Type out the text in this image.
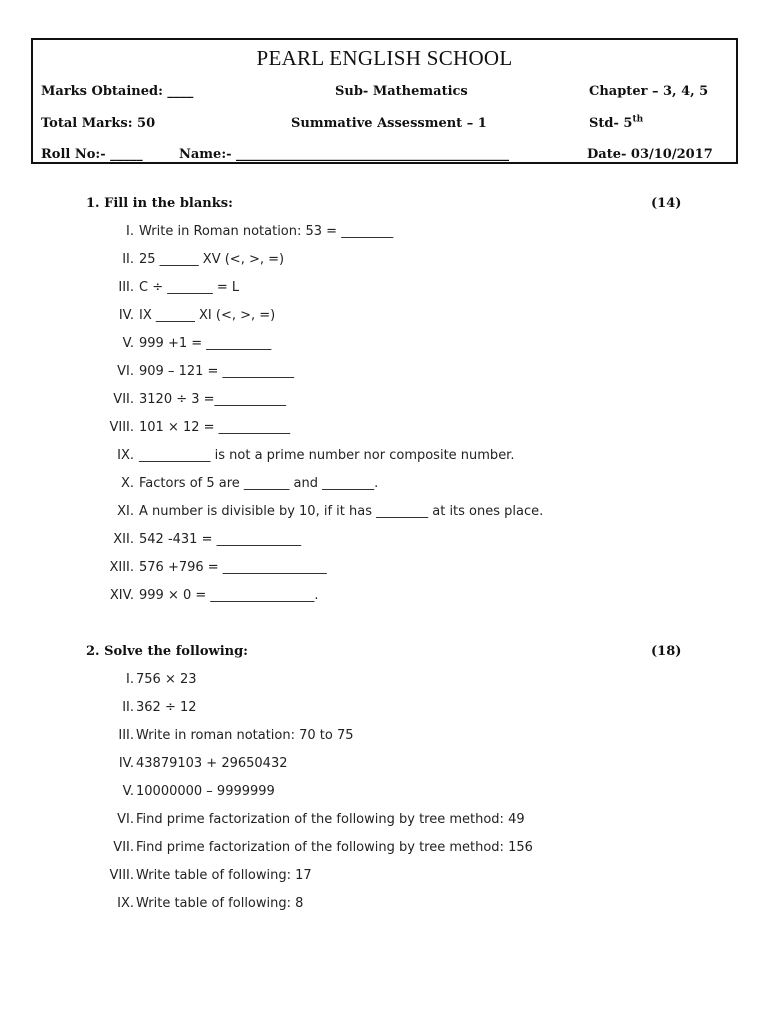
PEARL ENGLISH SCHOOL
Marks Obtained: ____	Sub- Mathematics	Chapter – 3, 4, 5
Total Marks: 50	Summative Assessment – 1	Std- 5th
Roll No:- _____	Name:- __________________________________________	Date- 03/10/2017
1. Fill in the blanks:	(14)
I. Write in Roman notation: 53 = ________
II. 25 ______ XV (<, >, =)
III. C ÷ _______ = L
IV. IX ______ XI (<, >, =)
V. 999 +1 = __________
VI. 909 – 121 = ___________
VII. 3120 ÷ 3 =___________
VIII. 101 × 12 = ___________
IX. ___________ is not a prime number nor composite number.
X. Factors of 5 are _______ and ________.
XI. A number is divisible by 10, if it has ________ at its ones place.
XII. 542 -431 = _____________
XIII. 576 +796 = ________________
XIV. 999 × 0 = ________________.
2. Solve the following:	(18)
I. 756 × 23
II. 362 ÷ 12
III. Write in roman notation: 70 to 75
IV. 43879103 + 29650432
V. 10000000 – 9999999
VI. Find prime factorization of the following by tree method: 49
VII. Find prime factorization of the following by tree method: 156
VIII. Write table of following: 17
IX. Write table of following: 8
